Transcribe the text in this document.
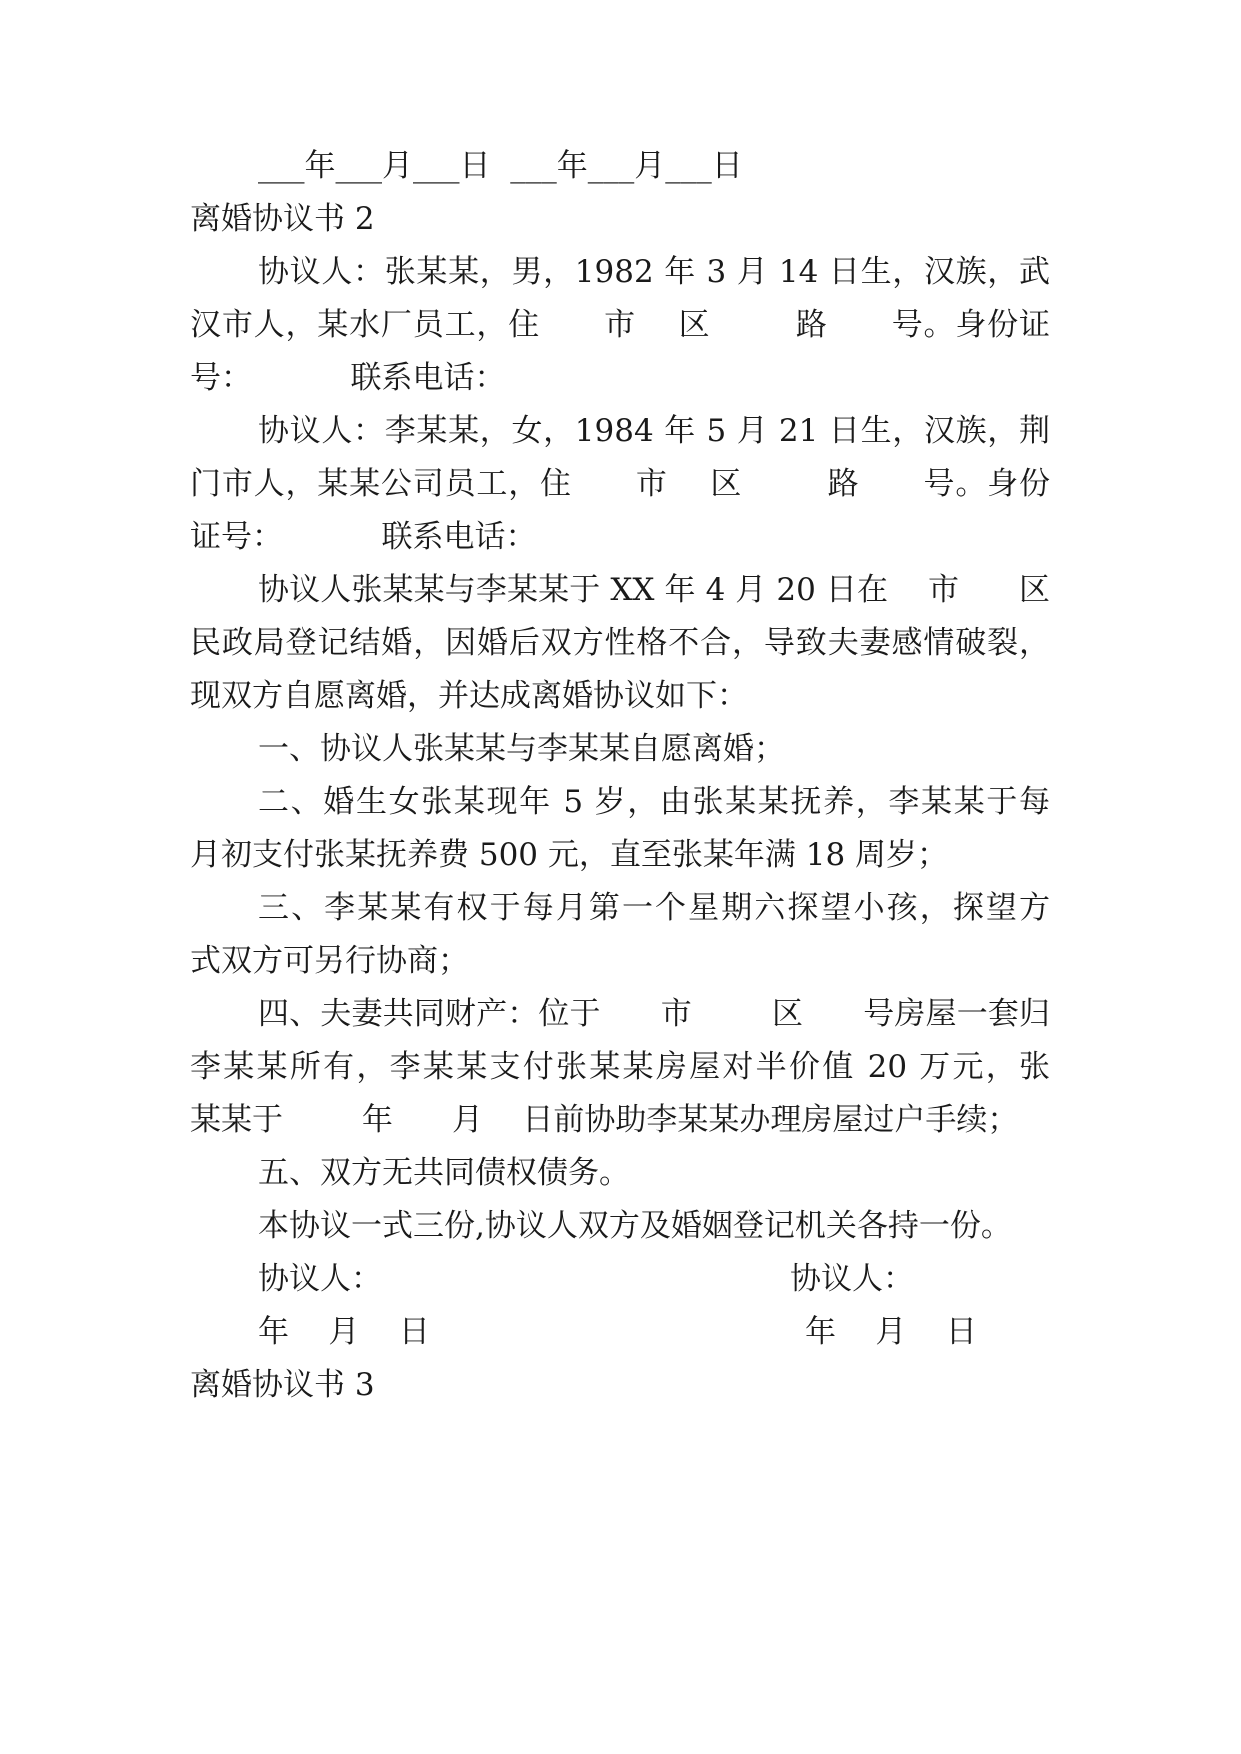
___年___月___日  ___年___月___日
离婚协议书 2
协议人：张某某，男，1982 年 3 月 14 日生，汉族，武
汉市人，某水厂员工，住      市    区        路      号。身份证
号：          联系电话：
协议人：李某某，女，1984 年 5 月 21 日生，汉族，荆
门市人，某某公司员工，住      市    区        路      号。身份
证号：          联系电话：
协议人张某某与李某某于 XX 年 4 月 20 日在    市      区
民政局登记结婚，因婚后双方性格不合，导致夫妻感情破裂，
现双方自愿离婚，并达成离婚协议如下：
一、协议人张某某与李某某自愿离婚；
二、婚生女张某现年 5 岁，由张某某抚养，李某某于每
月初支付张某抚养费 500 元，直至张某年满 18 周岁；
三、李某某有权于每月第一个星期六探望小孩，探望方
式双方可另行协商；
四、夫妻共同财产：位于      市        区      号房屋一套归
李某某所有，李某某支付张某某房屋对半价值 20 万元，张
某某于        年      月    日前协助李某某办理房屋过户手续；
五、双方无共同债权债务。
本协议一式三份,协议人双方及婚姻登记机关各持一份。
协议人：	协议人：
年    月    日	年    月    日
离婚协议书 3
